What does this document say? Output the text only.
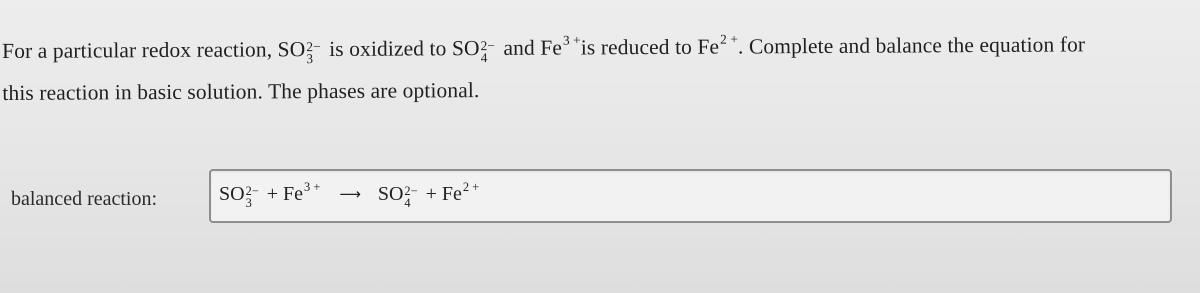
For a particular redox reaction, SO 2−
3 is oxidized to SO 2−
4 and $Fe^{3 +}is$ reduced to $Fe^{2 +}$. Complete and balance the equation for

this reaction in basic solution. The phases are optional.

balanced reaction:	SO 2−
$3 + Fe^{3 +}$ ⟶ SO 2−
$4 + Fe^{2 +}$
